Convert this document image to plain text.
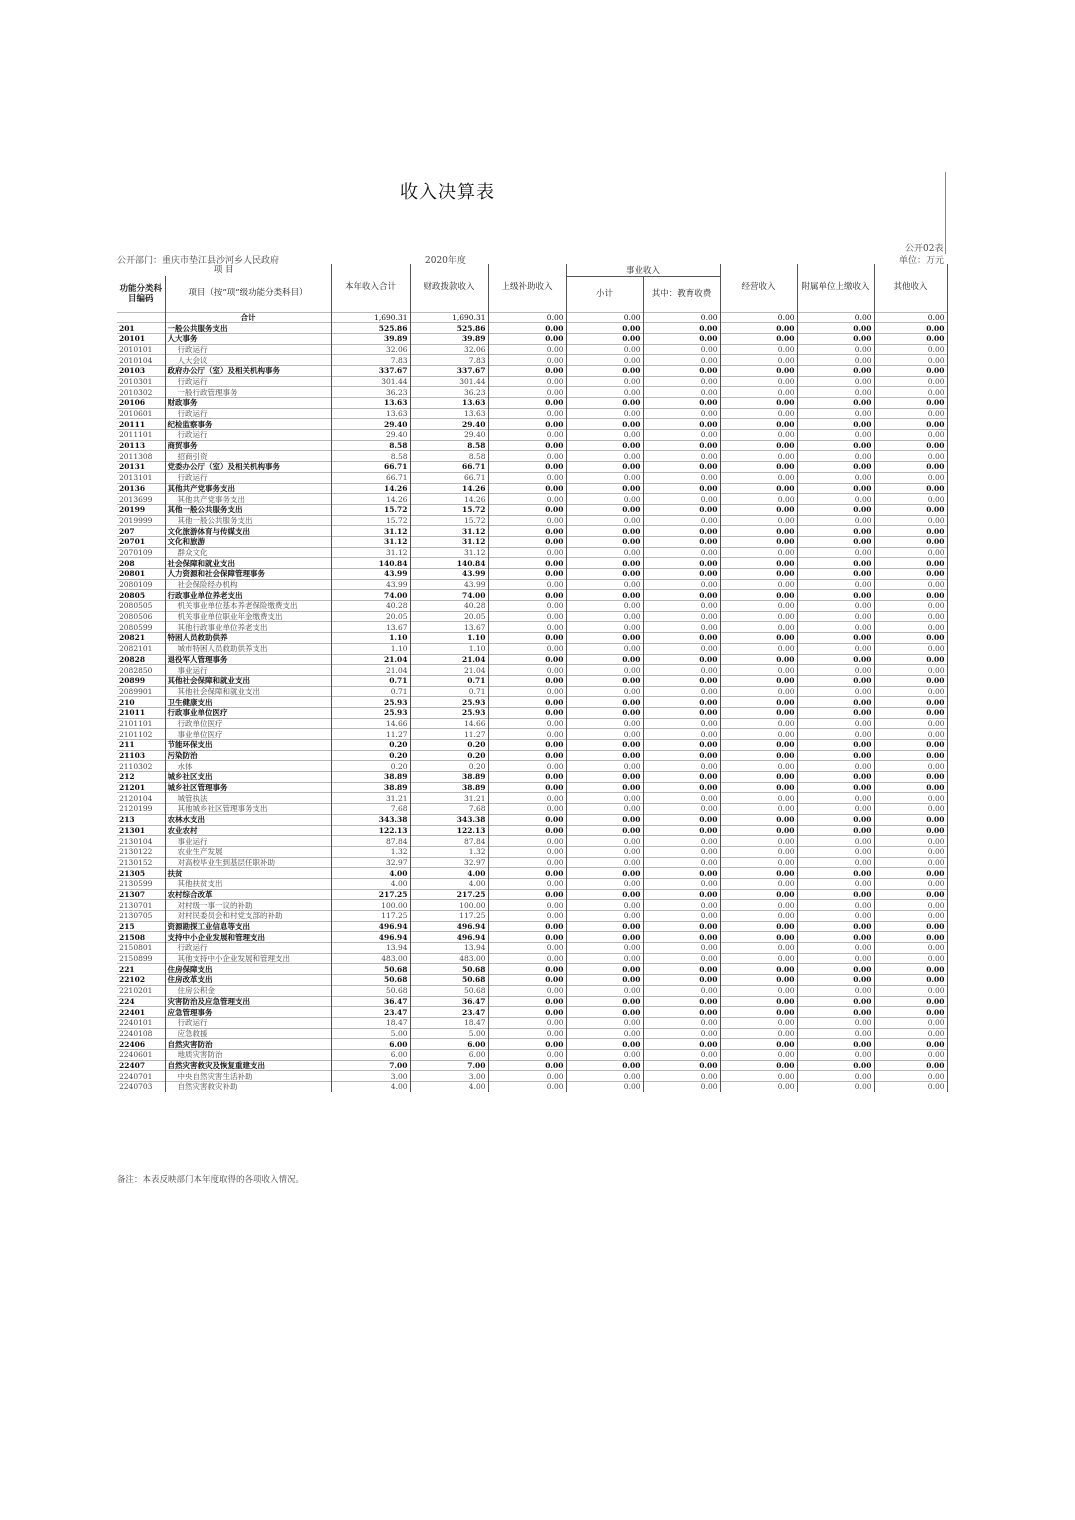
收入决算表
公开02表
公开部门：重庆市垫江县沙河乡人民政府	2020年度	单位：万元

项 目		本年收入合计	财政拨款收入	上级补助收入	事业收入		经营收入	附属单位上缴收入	其他收入
功能分类科目编码	项目（按“项”级功能分类科目）				小计	其中：教育收费			

	合计	1,690.31	1,690.31	0.00	0.00	0.00	0.00	0.00	0.00
201	一般公共服务支出	525.86	525.86	0.00	0.00	0.00	0.00	0.00	0.00
20101	人大事务	39.89	39.89	0.00	0.00	0.00	0.00	0.00	0.00
2010101	行政运行	32.06	32.06	0.00	0.00	0.00	0.00	0.00	0.00
2010104	人大会议	7.83	7.83	0.00	0.00	0.00	0.00	0.00	0.00
20103	政府办公厅（室）及相关机构事务	337.67	337.67	0.00	0.00	0.00	0.00	0.00	0.00
2010301	行政运行	301.44	301.44	0.00	0.00	0.00	0.00	0.00	0.00
2010302	一般行政管理事务	36.23	36.23	0.00	0.00	0.00	0.00	0.00	0.00
20106	财政事务	13.63	13.63	0.00	0.00	0.00	0.00	0.00	0.00
2010601	行政运行	13.63	13.63	0.00	0.00	0.00	0.00	0.00	0.00
20111	纪检监察事务	29.40	29.40	0.00	0.00	0.00	0.00	0.00	0.00
2011101	行政运行	29.40	29.40	0.00	0.00	0.00	0.00	0.00	0.00
20113	商贸事务	8.58	8.58	0.00	0.00	0.00	0.00	0.00	0.00
2011308	招商引资	8.58	8.58	0.00	0.00	0.00	0.00	0.00	0.00
20131	党委办公厅（室）及相关机构事务	66.71	66.71	0.00	0.00	0.00	0.00	0.00	0.00
2013101	行政运行	66.71	66.71	0.00	0.00	0.00	0.00	0.00	0.00
20136	其他共产党事务支出	14.26	14.26	0.00	0.00	0.00	0.00	0.00	0.00
2013699	其他共产党事务支出	14.26	14.26	0.00	0.00	0.00	0.00	0.00	0.00
20199	其他一般公共服务支出	15.72	15.72	0.00	0.00	0.00	0.00	0.00	0.00
2019999	其他一般公共服务支出	15.72	15.72	0.00	0.00	0.00	0.00	0.00	0.00
207	文化旅游体育与传媒支出	31.12	31.12	0.00	0.00	0.00	0.00	0.00	0.00
20701	文化和旅游	31.12	31.12	0.00	0.00	0.00	0.00	0.00	0.00
2070109	群众文化	31.12	31.12	0.00	0.00	0.00	0.00	0.00	0.00
208	社会保障和就业支出	140.84	140.84	0.00	0.00	0.00	0.00	0.00	0.00
20801	人力资源和社会保障管理事务	43.99	43.99	0.00	0.00	0.00	0.00	0.00	0.00
2080109	社会保险经办机构	43.99	43.99	0.00	0.00	0.00	0.00	0.00	0.00
20805	行政事业单位养老支出	74.00	74.00	0.00	0.00	0.00	0.00	0.00	0.00
2080505	机关事业单位基本养老保险缴费支出	40.28	40.28	0.00	0.00	0.00	0.00	0.00	0.00
2080506	机关事业单位职业年金缴费支出	20.05	20.05	0.00	0.00	0.00	0.00	0.00	0.00
2080599	其他行政事业单位养老支出	13.67	13.67	0.00	0.00	0.00	0.00	0.00	0.00
20821	特困人员救助供养	1.10	1.10	0.00	0.00	0.00	0.00	0.00	0.00
2082101	城市特困人员救助供养支出	1.10	1.10	0.00	0.00	0.00	0.00	0.00	0.00
20828	退役军人管理事务	21.04	21.04	0.00	0.00	0.00	0.00	0.00	0.00
2082850	事业运行	21.04	21.04	0.00	0.00	0.00	0.00	0.00	0.00
20899	其他社会保障和就业支出	0.71	0.71	0.00	0.00	0.00	0.00	0.00	0.00
2089901	其他社会保障和就业支出	0.71	0.71	0.00	0.00	0.00	0.00	0.00	0.00
210	卫生健康支出	25.93	25.93	0.00	0.00	0.00	0.00	0.00	0.00
21011	行政事业单位医疗	25.93	25.93	0.00	0.00	0.00	0.00	0.00	0.00
2101101	行政单位医疗	14.66	14.66	0.00	0.00	0.00	0.00	0.00	0.00
2101102	事业单位医疗	11.27	11.27	0.00	0.00	0.00	0.00	0.00	0.00
211	节能环保支出	0.20	0.20	0.00	0.00	0.00	0.00	0.00	0.00
21103	污染防治	0.20	0.20	0.00	0.00	0.00	0.00	0.00	0.00
2110302	水体	0.20	0.20	0.00	0.00	0.00	0.00	0.00	0.00
212	城乡社区支出	38.89	38.89	0.00	0.00	0.00	0.00	0.00	0.00
21201	城乡社区管理事务	38.89	38.89	0.00	0.00	0.00	0.00	0.00	0.00
2120104	城管执法	31.21	31.21	0.00	0.00	0.00	0.00	0.00	0.00
2120199	其他城乡社区管理事务支出	7.68	7.68	0.00	0.00	0.00	0.00	0.00	0.00
213	农林水支出	343.38	343.38	0.00	0.00	0.00	0.00	0.00	0.00
21301	农业农村	122.13	122.13	0.00	0.00	0.00	0.00	0.00	0.00
2130104	事业运行	87.84	87.84	0.00	0.00	0.00	0.00	0.00	0.00
2130122	农业生产发展	1.32	1.32	0.00	0.00	0.00	0.00	0.00	0.00
2130152	对高校毕业生到基层任职补助	32.97	32.97	0.00	0.00	0.00	0.00	0.00	0.00
21305	扶贫	4.00	4.00	0.00	0.00	0.00	0.00	0.00	0.00
2130599	其他扶贫支出	4.00	4.00	0.00	0.00	0.00	0.00	0.00	0.00
21307	农村综合改革	217.25	217.25	0.00	0.00	0.00	0.00	0.00	0.00
2130701	对村级一事一议的补助	100.00	100.00	0.00	0.00	0.00	0.00	0.00	0.00
2130705	对村民委员会和村党支部的补助	117.25	117.25	0.00	0.00	0.00	0.00	0.00	0.00
215	资源勘探工业信息等支出	496.94	496.94	0.00	0.00	0.00	0.00	0.00	0.00
21508	支持中小企业发展和管理支出	496.94	496.94	0.00	0.00	0.00	0.00	0.00	0.00
2150801	行政运行	13.94	13.94	0.00	0.00	0.00	0.00	0.00	0.00
2150899	其他支持中小企业发展和管理支出	483.00	483.00	0.00	0.00	0.00	0.00	0.00	0.00
221	住房保障支出	50.68	50.68	0.00	0.00	0.00	0.00	0.00	0.00
22102	住房改革支出	50.68	50.68	0.00	0.00	0.00	0.00	0.00	0.00
2210201	住房公积金	50.68	50.68	0.00	0.00	0.00	0.00	0.00	0.00
224	灾害防治及应急管理支出	36.47	36.47	0.00	0.00	0.00	0.00	0.00	0.00
22401	应急管理事务	23.47	23.47	0.00	0.00	0.00	0.00	0.00	0.00
2240101	行政运行	18.47	18.47	0.00	0.00	0.00	0.00	0.00	0.00
2240108	应急救援	5.00	5.00	0.00	0.00	0.00	0.00	0.00	0.00
22406	自然灾害防治	6.00	6.00	0.00	0.00	0.00	0.00	0.00	0.00
2240601	地质灾害防治	6.00	6.00	0.00	0.00	0.00	0.00	0.00	0.00
22407	自然灾害救灾及恢复重建支出	7.00	7.00	0.00	0.00	0.00	0.00	0.00	0.00
2240701	中央自然灾害生活补助	3.00	3.00	0.00	0.00	0.00	0.00	0.00	0.00
2240703	自然灾害救灾补助	4.00	4.00	0.00	0.00	0.00	0.00	0.00	0.00
备注：本表反映部门本年度取得的各项收入情况。
